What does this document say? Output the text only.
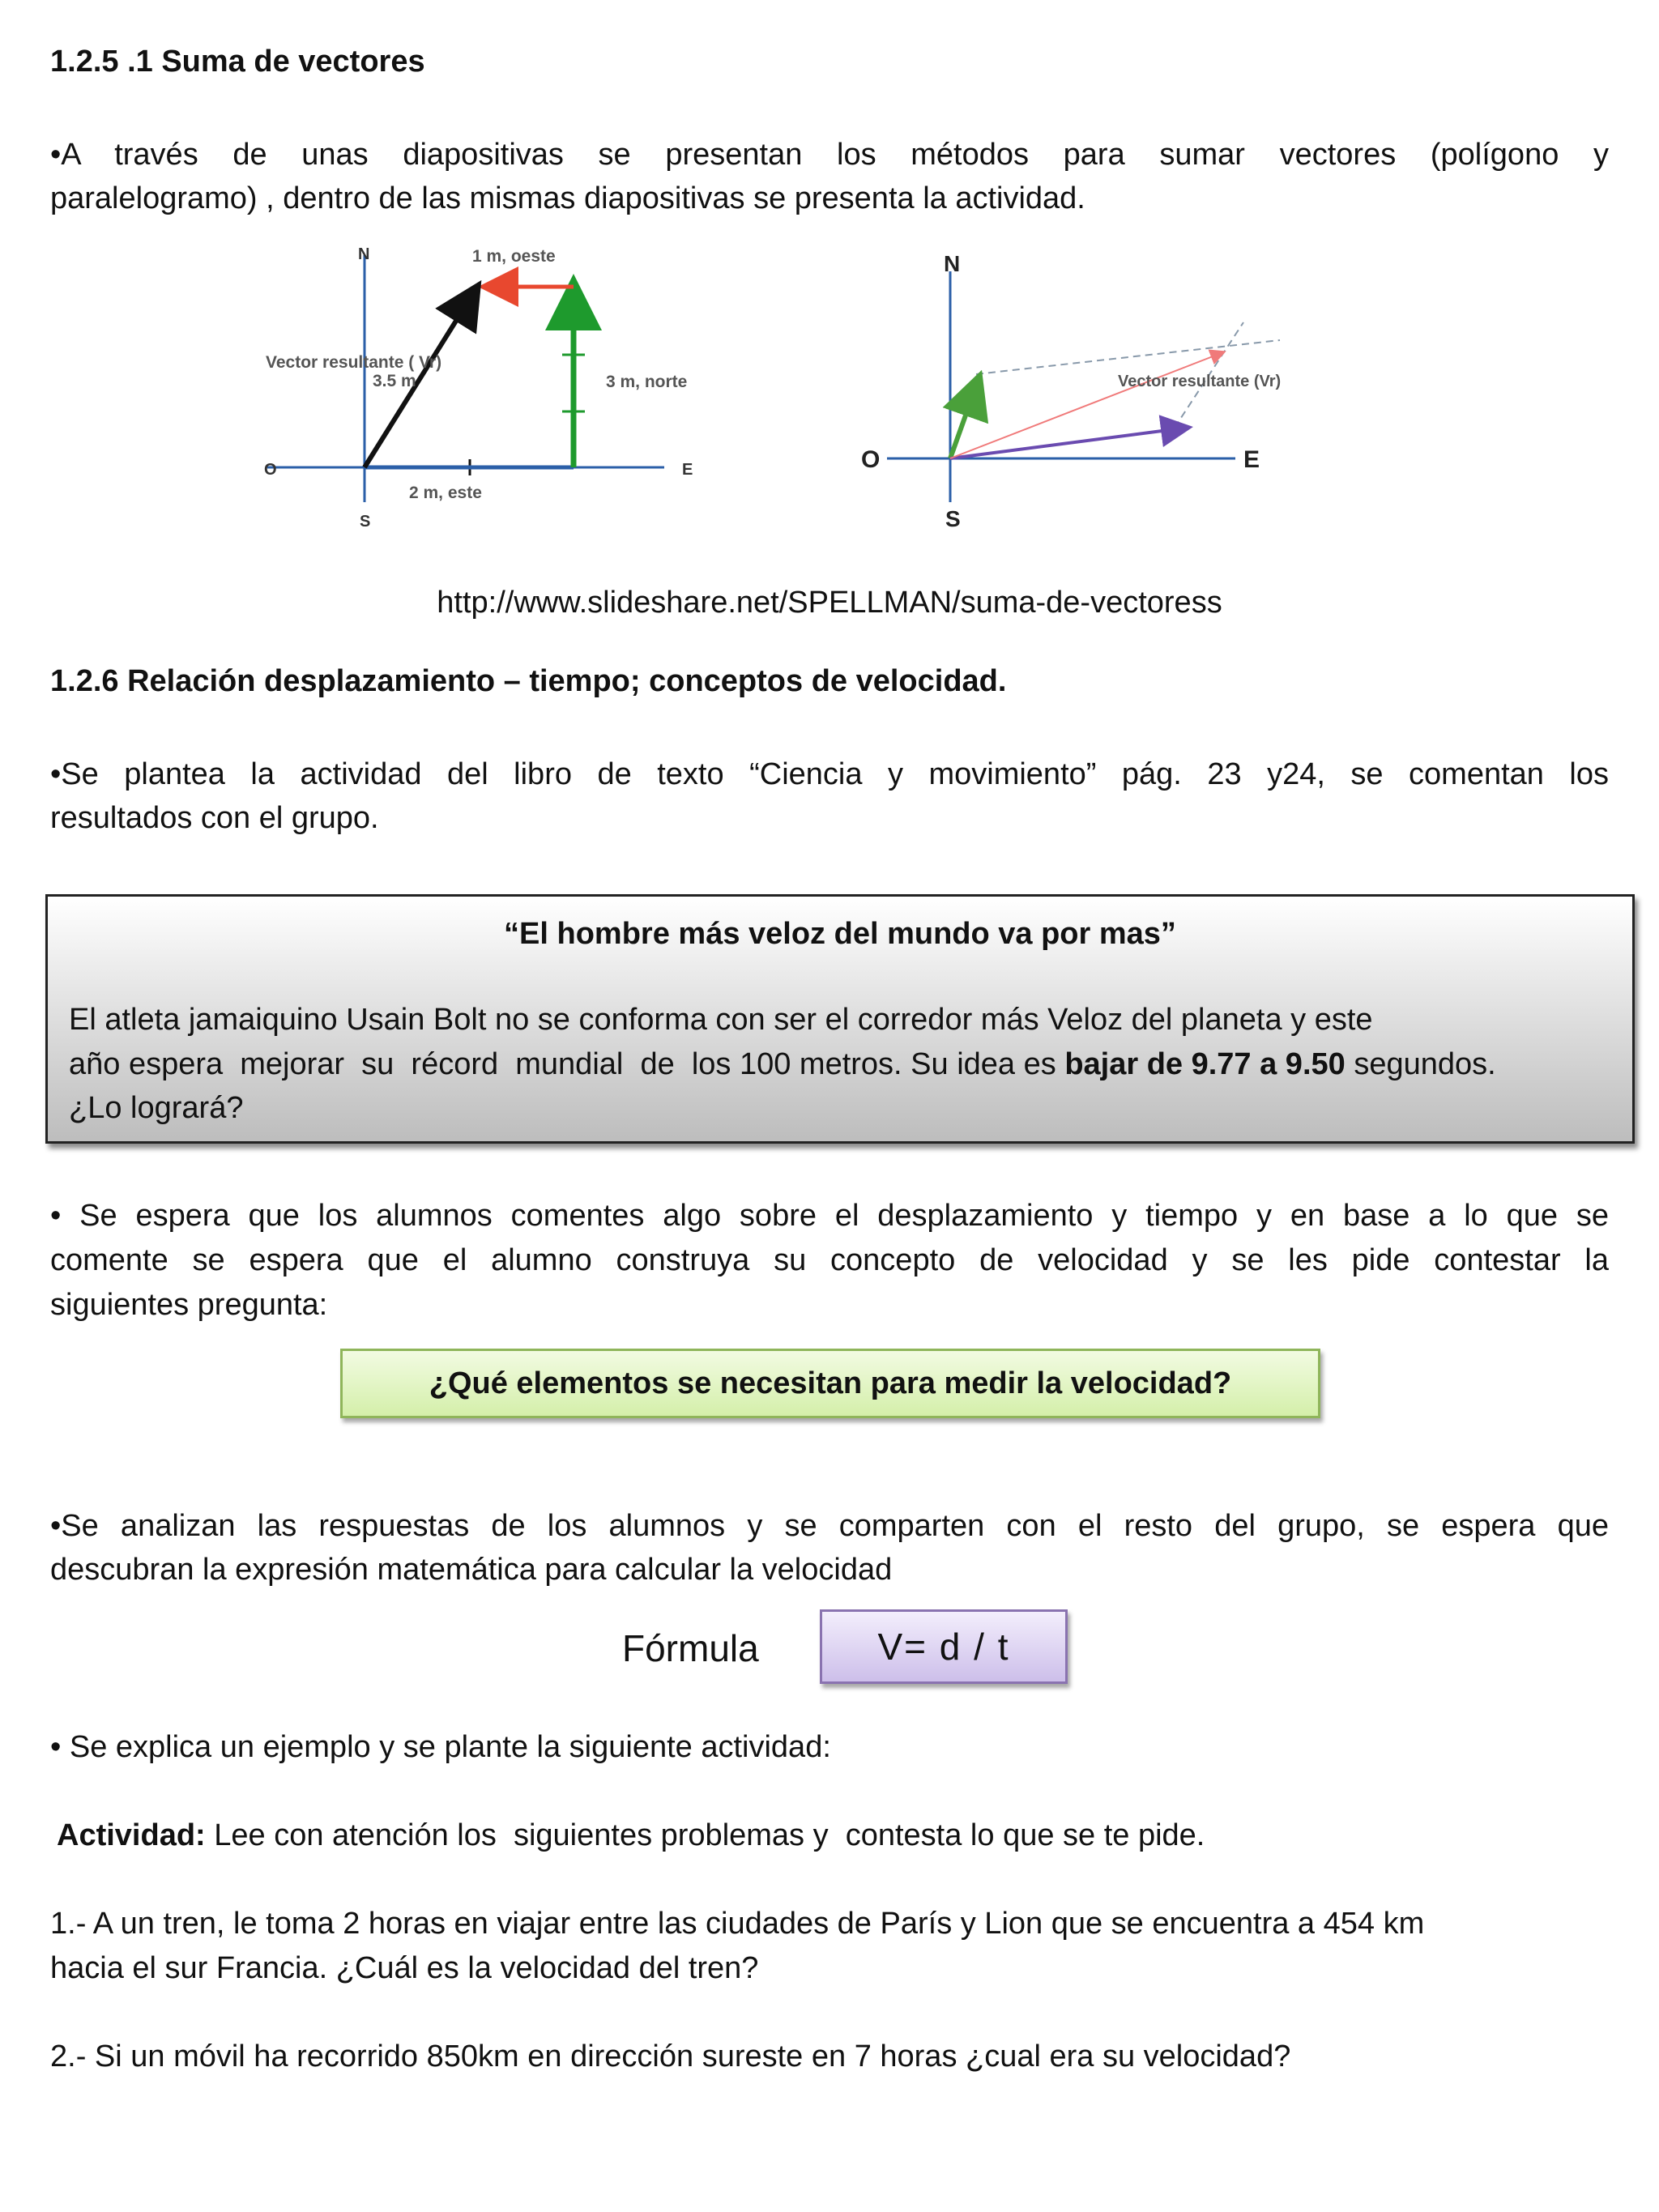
1.2.5 .1 Suma de vectores
•A través de unas diapositivas se presentan los métodos para sumar vectores (polígono y
paralelogramo) , dentro de las mismas diapositivas se presenta la actividad.
N
S
O	E
1 m, oeste
3 m, norte
2 m, este
Vector resultante ( Vr)
3.5 m
N
S
O	E
Vector resultante (Vr)
http://www.slideshare.net/SPELLMAN/suma-de-vectoress
1.2.6 Relación desplazamiento – tiempo; conceptos de velocidad.
•Se plantea la actividad del libro de texto “Ciencia y movimiento” pág. 23 y24, se comentan los
resultados con el grupo.
“El hombre más veloz del mundo va por mas”
El atleta jamaiquino Usain Bolt no se conforma con ser el corredor más Veloz del planeta y este
año espera  mejorar  su  récord  mundial  de  los 100 metros. Su idea es bajar de 9.77 a 9.50 segundos.
¿Lo logrará?
• Se espera que los alumnos comentes algo sobre el desplazamiento y tiempo y en base a lo que se
comente se espera que el alumno construya su concepto de velocidad y se les pide contestar la
siguientes pregunta:
¿Qué elementos se necesitan para medir la velocidad?
•Se analizan las respuestas de los alumnos y se comparten con el resto del grupo, se espera que
descubran la expresión matemática para calcular la velocidad
Fórmula	V= d / t
• Se explica un ejemplo y se plante la siguiente actividad:
Actividad: Lee con atención los  siguientes problemas y  contesta lo que se te pide.
1.- A un tren, le toma 2 horas en viajar entre las ciudades de París y Lion que se encuentra a 454 km
hacia el sur Francia. ¿Cuál es la velocidad del tren?
2.- Si un móvil ha recorrido 850km en dirección sureste en 7 horas ¿cual era su velocidad?
